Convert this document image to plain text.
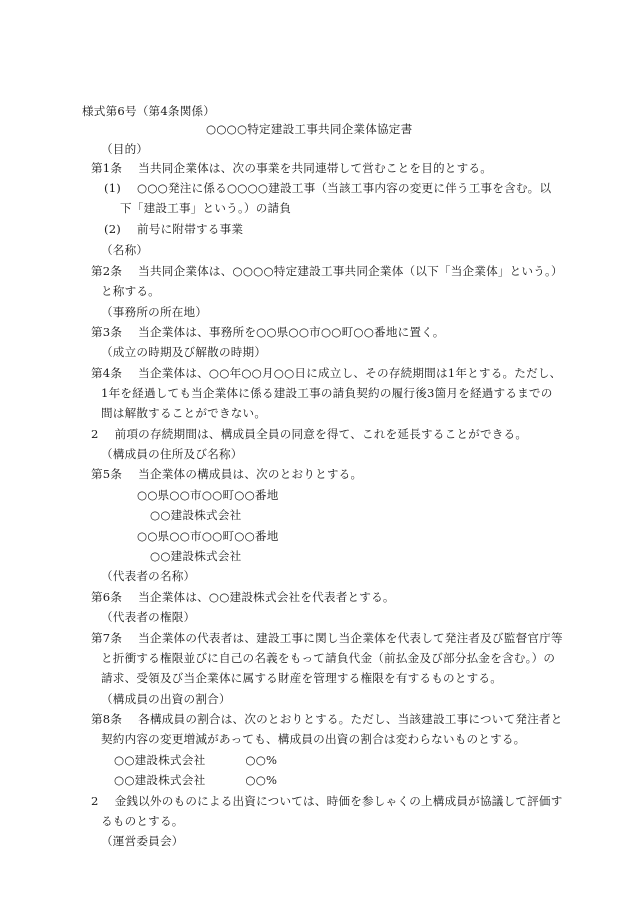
様式第6号（第4条関係）
○○○○特定建設工事共同企業体協定書
（目的）
第1条 当共同企業体は、次の事業を共同連帯して営むことを目的とする。
(1) ○○○発注に係る○○○○建設工事（当該工事内容の変更に伴う工事を含む。以
下「建設工事」という。）の請負
(2) 前号に附帯する事業
（名称）
第2条 当共同企業体は、○○○○特定建設工事共同企業体（以下「当企業体」という。）
と称する。
（事務所の所在地）
第3条 当企業体は、事務所を○○県○○市○○町○○番地に置く。
（成立の時期及び解散の時期）
第4条 当企業体は、○○年○○月○○日に成立し、その存続期間は1年とする。ただし、
1年を経過しても当企業体に係る建設工事の請負契約の履行後3箇月を経過するまでの
間は解散することができない。
2 前項の存続期間は、構成員全員の同意を得て、これを延長することができる。
（構成員の住所及び名称）
第5条 当企業体の構成員は、次のとおりとする。
○○県○○市○○町○○番地
○○建設株式会社
○○県○○市○○町○○番地
○○建設株式会社
（代表者の名称）
第6条 当企業体は、○○建設株式会社を代表者とする。
（代表者の権限）
第7条 当企業体の代表者は、建設工事に関し当企業体を代表して発注者及び監督官庁等
と折衝する権限並びに自己の名義をもって請負代金（前払金及び部分払金を含む。）の
請求、受領及び当企業体に属する財産を管理する権限を有するものとする。
（構成員の出資の割合）
第8条 各構成員の割合は、次のとおりとする。ただし、当該建設工事について発注者と
契約内容の変更増減があっても、構成員の出資の割合は変わらないものとする。
○○建設株式会社	○○%
○○建設株式会社	○○%
2 金銭以外のものによる出資については、時価を参しゃくの上構成員が協議して評価す
るものとする。
（運営委員会）
